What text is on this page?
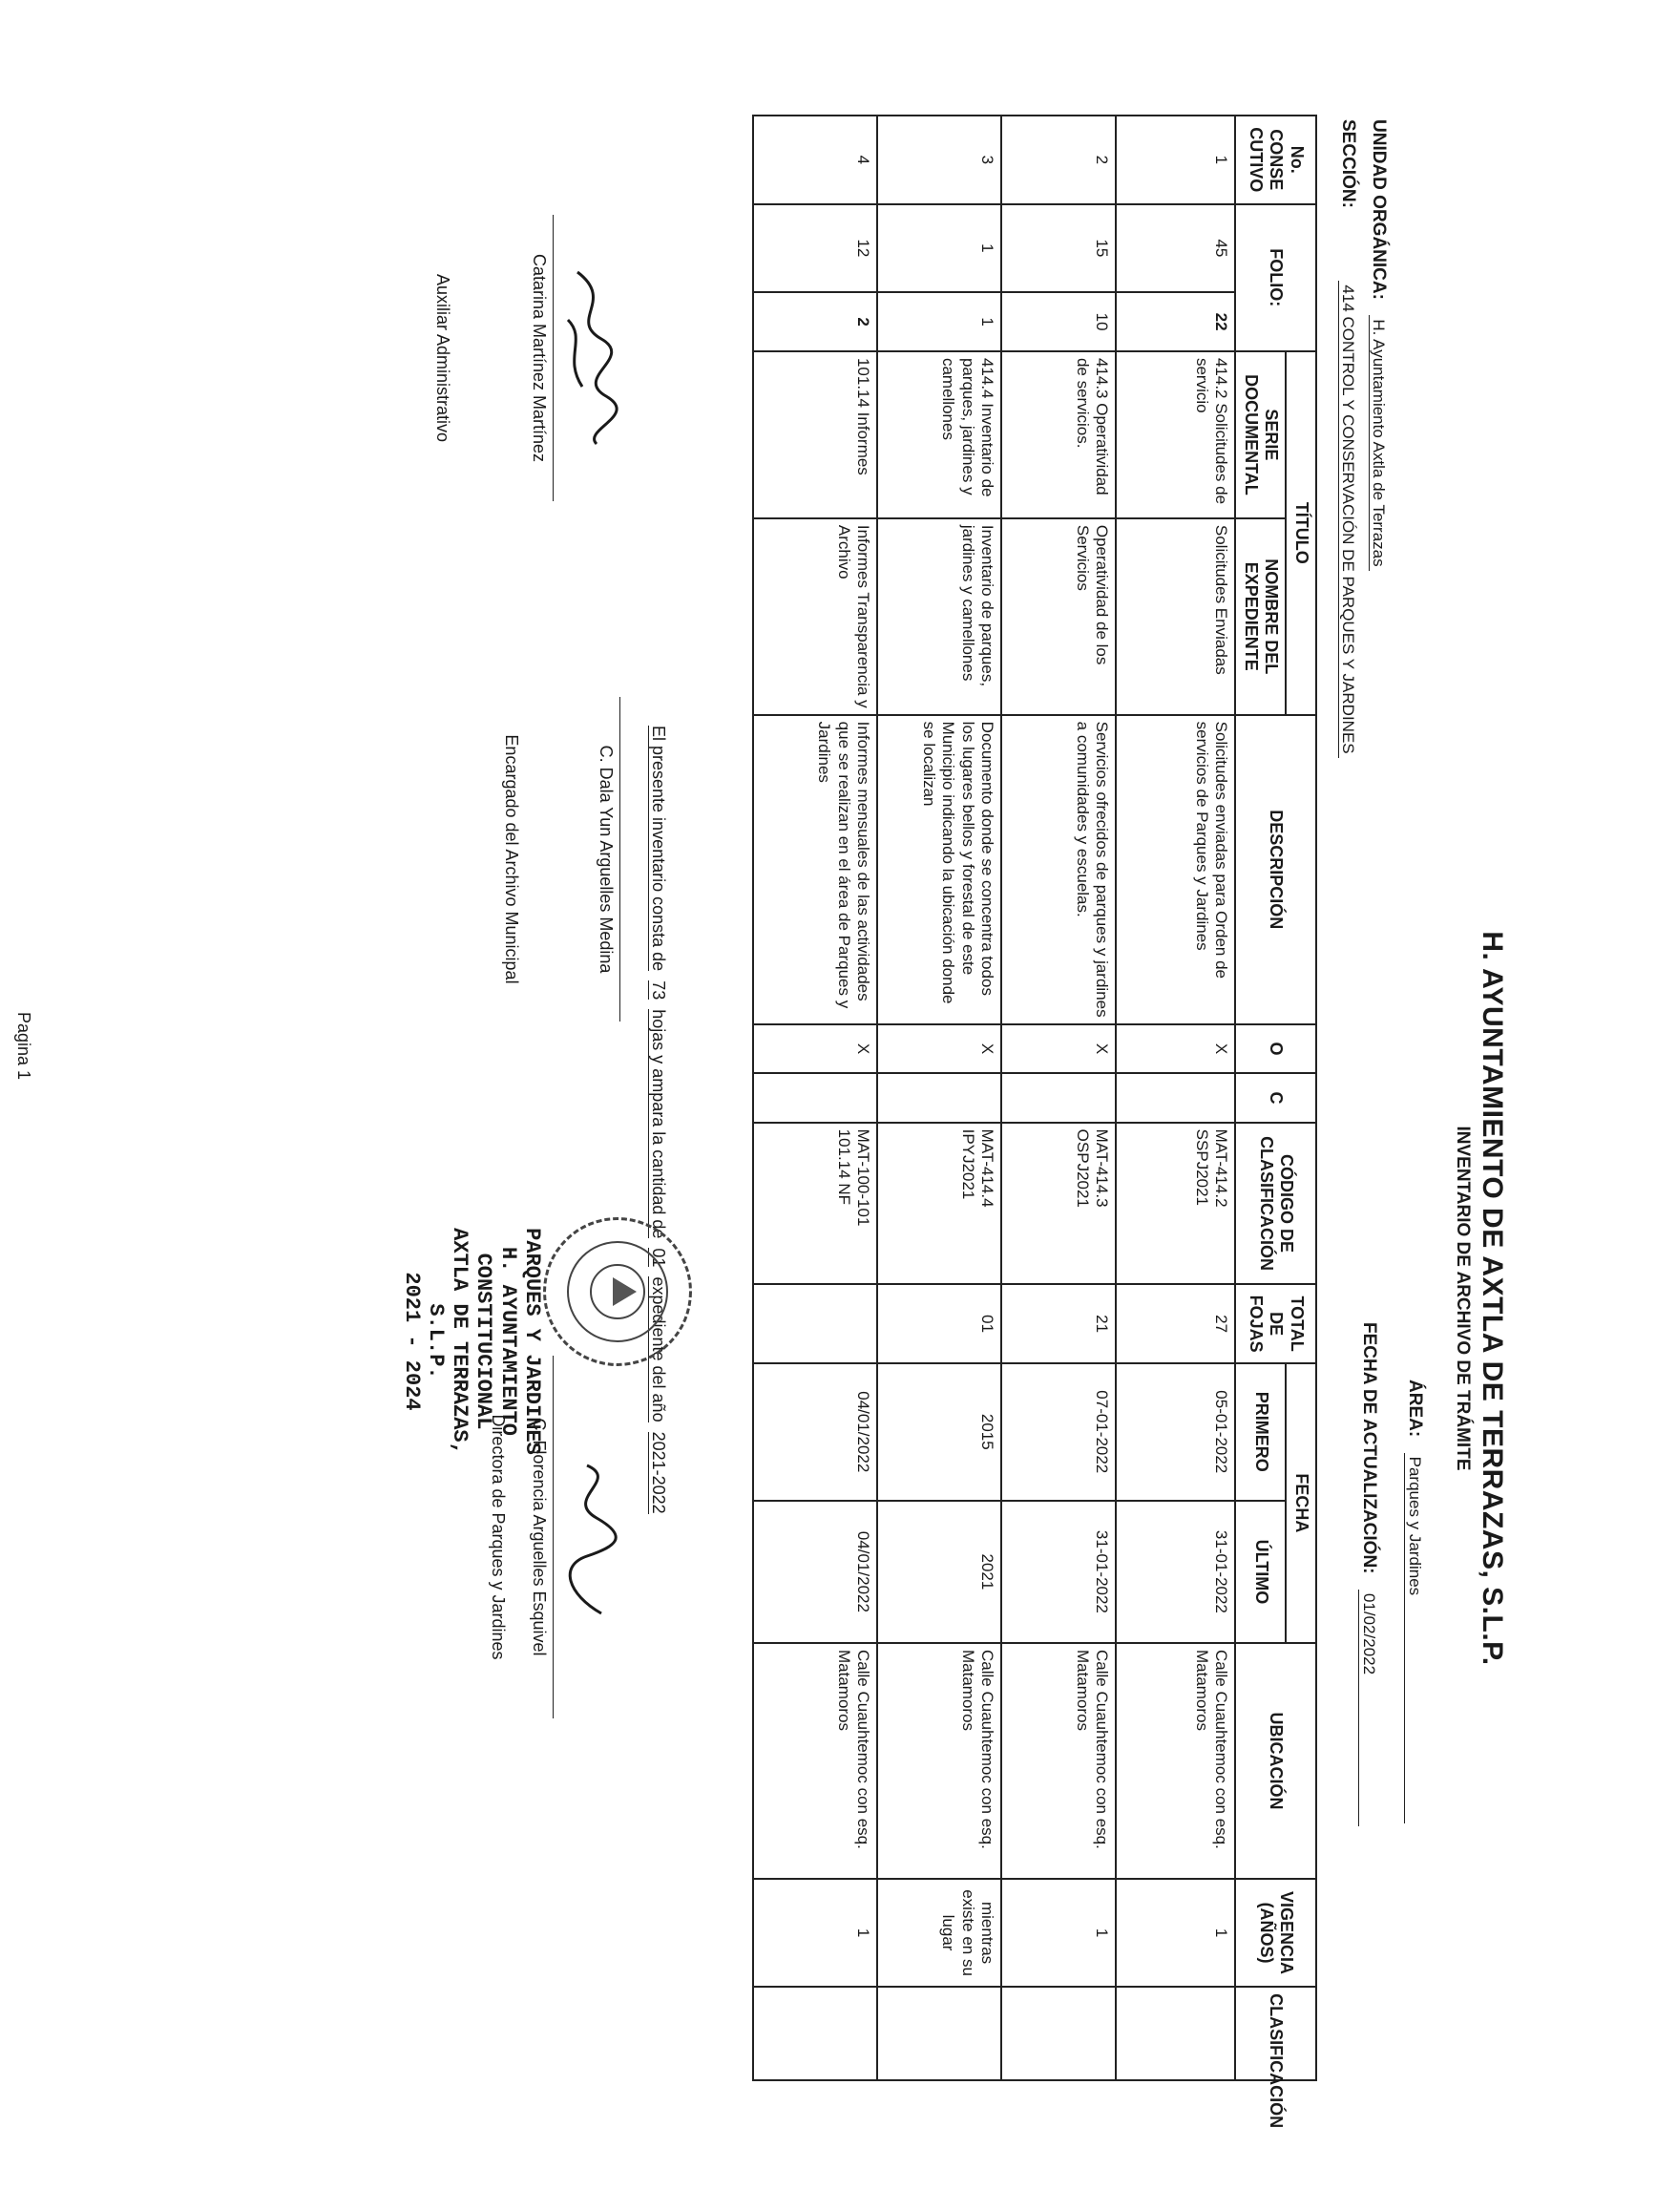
H. AYUNTAMIENTO DE AXTLA DE TERRAZAS, S.L.P.
INVENTARIO DE ARCHIVO DE TRÁMITE
UNIDAD ORGÁNICA: H. Ayuntamiento Axtla de Terrazas
SECCIÓN: 414 CONTROL Y CONSERVACIÓN DE PARQUES Y JARDINES
ÁREA: Parques y Jardines
FECHA DE ACTUALIZACIÓN: 01/02/2022
No. CONSE CUTIVO	FOLIO:		TÍTULO		DESCRIPCIÓN	O	C	CÓDIGO DE CLASIFICACIÓN	TOTAL DE FOJAS	FECHA		UBICACIÓN	VIGENCIA (AÑOS)	CLASIFICACIÓN
			SERIE DOCUMENTAL	NOMBRE DEL EXPEDIENTE						PRIMERO	ÚLTIMO			
1	45	22	414.2 Solicitudes de servicio	Solicitudes Enviadas	Solicitudes enviadas para Orden de servicios de Parques y Jardines	X		MAT-414.2 SSPJ2021	27	05-01-2022	31-01-2022	Calle Cuauhtemoc con esq. Matamoros	1	
2	15	10	414.3 Operatividad de servicios.	Operatividad de los Servicios	Servicios ofrecidos de parques y jardines a comunidades y escuelas.	X		MAT-414.3 OSPJ2021	21	07-01-2022	31-01-2022	Calle Cuauhtemoc con esq. Matamoros	1	
3	1	1	414.4 Inventario de parques, jardines y camellones	Inventario de parques, jardines y camellones	Documento donde se concentra todos los lugares bellos y forestal de este Municipio indicando la ubicación donde se localizan	X		MAT-414.4 IPYJ2021	01	2015	2021	Calle Cuauhtemoc con esq. Matamoros	mientras existe en su lugar	
4	12	2	101.14 Informes	Informes Transparencia y Archivo	Informes mensuales de las actividades que se realizan en el área de Parques y Jardines	X		MAT-100-101 101.14 NF		04/01/2022	04/01/2022	Calle Cuauhtemoc con esq. Matamoros	1	
El presente inventario consta de  73  hojas y ampara la cantidad de  01  expediente del año  2021-2022
Catarina Martínez Martínez
Auxiliar Administrativo
C. Dala Yun Arguelles Medina
Encargado del Archivo Municipal
C. Florencia Arguelles Esquivel
Directora de Parques y Jardines
PARQUES Y JARDINES
H. AYUNTAMIENTO
CONSTITUCIONAL
AXTLA DE TERRAZAS, S.L.P.
2021 - 2024
Pagina 1
